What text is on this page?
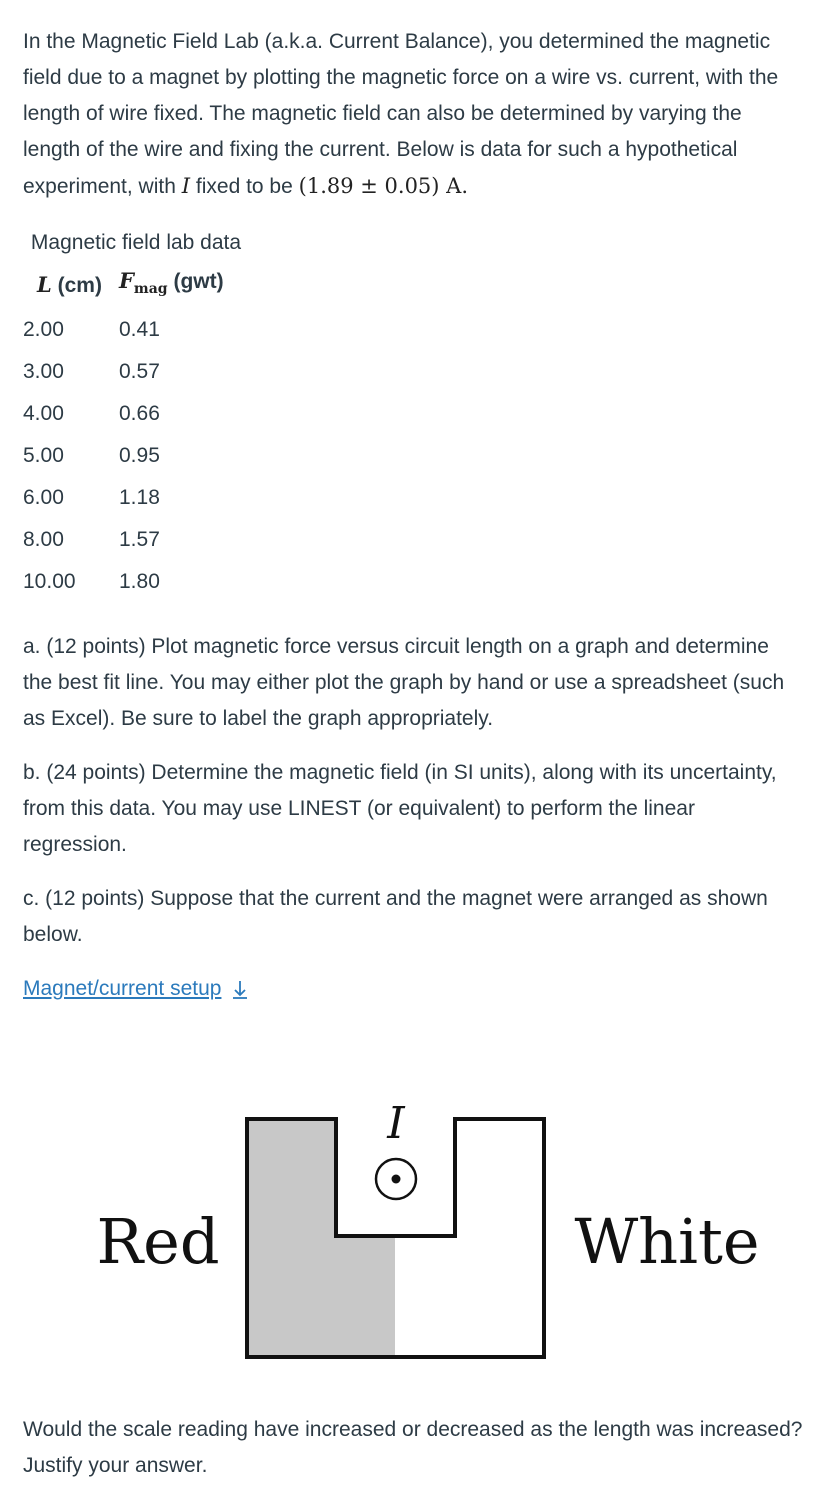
In the Magnetic Field Lab (a.k.a. Current Balance), you determined the magnetic field due to a magnet by plotting the magnetic force on a wire vs. current, with the length of wire fixed. The magnetic field can also be determined by varying the length of the wire and fixing the current. Below is data for such a hypothetical experiment, with I fixed to be (1.89 ± 0.05) A.

Magnetic field lab data
L (cm)	$F_{mag}$ (gwt)
2.00	0.41
3.00	0.57
4.00	0.66
5.00	0.95
6.00	1.18
8.00	1.57
10.00	1.80

a. (12 points) Plot magnetic force versus circuit length on a graph and determine the best fit line. You may either plot the graph by hand or use a spreadsheet (such as Excel). Be sure to label the graph appropriately.

b. (24 points) Determine the magnetic field (in SI units), along with its uncertainty, from this data. You may use LINEST (or equivalent) to perform the linear regression.

c. (12 points) Suppose that the current and the magnet were arranged as shown below.

Magnet/current setup

I
Red	White

Would the scale reading have increased or decreased as the length was increased? Justify your answer.
